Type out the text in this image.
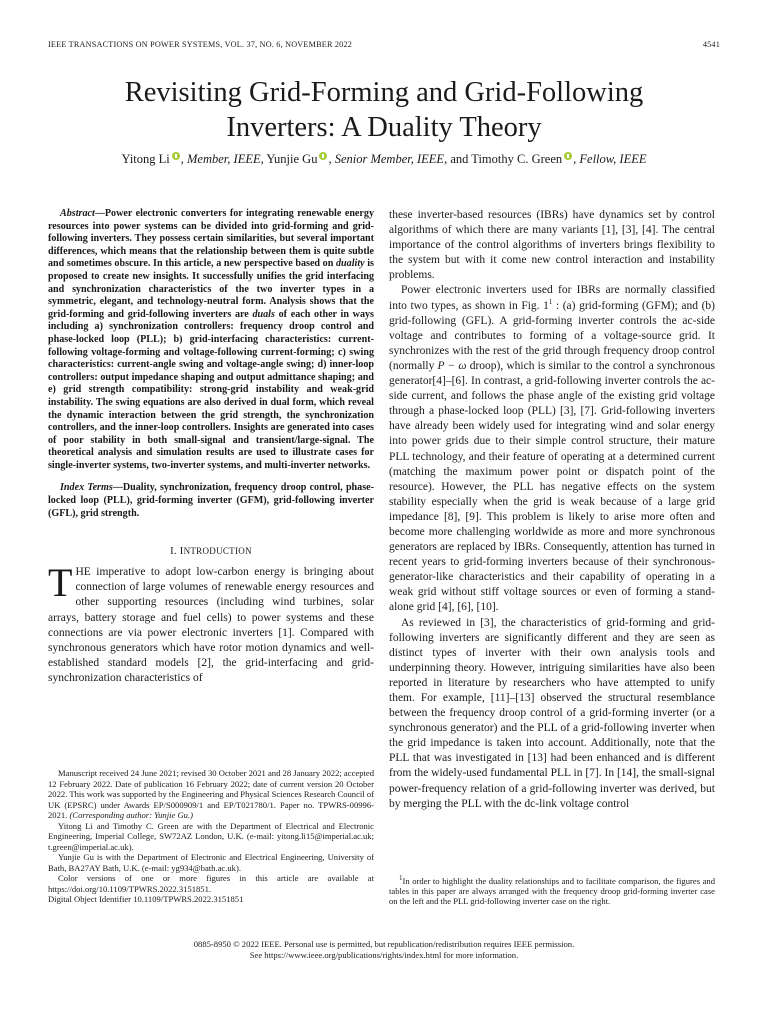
IEEE TRANSACTIONS ON POWER SYSTEMS, VOL. 37, NO. 6, NOVEMBER 2022	4541
Revisiting Grid-Forming and Grid-Following
Inverters: A Duality Theory
Yitong Li , Member, IEEE, Yunjie Gu , Senior Member, IEEE, and Timothy C. Green , Fellow, IEEE

Abstract—Power electronic converters for integrating renewable energy resources into power systems can be divided into grid-forming and grid-following inverters. They possess certain similarities, but several important differences, which means that the relationship between them is quite subtle and sometimes obscure. In this article, a new perspective based on duality is proposed to create new insights. It successfully unifies the grid interfacing and synchronization characteristics of the two inverter types in a symmetric, elegant, and technology-neutral form. Analysis shows that the grid-forming and grid-following inverters are duals of each other in ways including a) synchronization controllers: frequency droop control and phase-locked loop (PLL); b) grid-interfacing characteristics: current-following voltage-forming and voltage-following current-forming; c) swing characteristics: current-angle swing and voltage-angle swing; d) inner-loop controllers: output impedance shaping and output admittance shaping; and e) grid strength compatibility: strong-grid instability and weak-grid instability. The swing equations are also derived in dual form, which reveal the dynamic interaction between the grid strength, the synchronization controllers, and the inner-loop controllers. Insights are generated into cases of poor stability in both small-signal and transient/large-signal. The theoretical analysis and simulation results are used to illustrate cases for single-inverter systems, two-inverter systems, and multi-inverter networks.

Index Terms—Duality, synchronization, frequency droop control, phase-locked loop (PLL), grid-forming inverter (GFM), grid-following inverter (GFL), grid strength.

I. INTRODUCTION

THE imperative to adopt low-carbon energy is bringing about connection of large volumes of renewable energy resources and other supporting resources (including wind turbines, solar arrays, battery storage and fuel cells) to power systems and these connections are via power electronic inverters [1]. Compared with synchronous generators which have rotor motion dynamics and well-established standard models [2], the grid-interfacing and grid-synchronization characteristics of

Manuscript received 24 June 2021; revised 30 October 2021 and 28 January 2022; accepted 12 February 2022. Date of publication 16 February 2022; date of current version 20 October 2022. This work was supported by the Engineering and Physical Sciences Research Council of UK (EPSRC) under Awards EP/S000909/1 and EP/T021780/1. Paper no. TPWRS-00996-2021. (Corresponding author: Yunjie Gu.)

Yitong Li and Timothy C. Green are with the Department of Electrical and Electronic Engineering, Imperial College, SW72AZ London, U.K. (e-mail: yitong.li15@imperial.ac.uk; t.green@imperial.ac.uk).

Yunjie Gu is with the Department of Electronic and Electrical Engineering, University of Bath, BA27AY Bath, U.K. (e-mail: yg934@bath.ac.uk).

Color versions of one or more figures in this article are available at https://doi.org/10.1109/TPWRS.2022.3151851.

Digital Object Identifier 10.1109/TPWRS.2022.3151851

these inverter-based resources (IBRs) have dynamics set by control algorithms of which there are many variants [1], [3], [4]. The central importance of the control algorithms of inverters brings flexibility to the system but with it come new control interaction and instability problems.

Power electronic inverters used for IBRs are normally classified into two types, as shown in Fig. $1^1$ : (a) grid-forming (GFM); and (b) grid-following (GFL). A grid-forming inverter controls the ac-side voltage and contributes to forming of a voltage-source grid. It synchronizes with the rest of the grid through frequency droop control (normally P − ω droop), which is similar to the control a synchronous generator[4]–[6]. In contrast, a grid-following inverter controls the ac-side current, and follows the phase angle of the existing grid voltage through a phase-locked loop (PLL) [3], [7]. Grid-following inverters have already been widely used for integrating wind and solar energy into power grids due to their simple control structure, their mature PLL technology, and their feature of operating at a determined current (matching the maximum power point or dispatch point of the resource). However, the PLL has negative effects on the system stability especially when the grid is weak because of a large grid impedance [8], [9]. This problem is likely to arise more often and become more challenging worldwide as more and more synchronous generators are replaced by IBRs. Consequently, attention has turned in recent years to grid-forming inverters because of their synchronous-generator-like characteristics and their capability of operating in a weak grid without stiff voltage sources or even of forming a stand-alone grid [4], [6], [10].

As reviewed in [3], the characteristics of grid-forming and grid-following inverters are significantly different and they are seen as distinct types of inverter with their own analysis tools and underpinning theory. However, intriguing similarities have also been reported in literature by researchers who have attempted to unify them. For example, [11]–[13] observed the structural resemblance between the frequency droop control of a grid-forming inverter (or a synchronous generator) and the PLL of a grid-following inverter when the grid impedance is taken into account. Additionally, note that the PLL that was investigated in [13] had been enhanced and is different from the widely-used fundamental PLL in [7]. In [14], the small-signal power-frequency relation of a grid-following inverter was derived, but by merging the PLL with the dc-link voltage control

$^1$In order to highlight the duality relationships and to facilitate comparison, the figures and tables in this paper are always arranged with the frequency droop grid-forming inverter case on the left and the PLL grid-following inverter case on the right.

0885-8950 © 2022 IEEE. Personal use is permitted, but republication/redistribution requires IEEE permission.
See https://www.ieee.org/publications/rights/index.html for more information.
